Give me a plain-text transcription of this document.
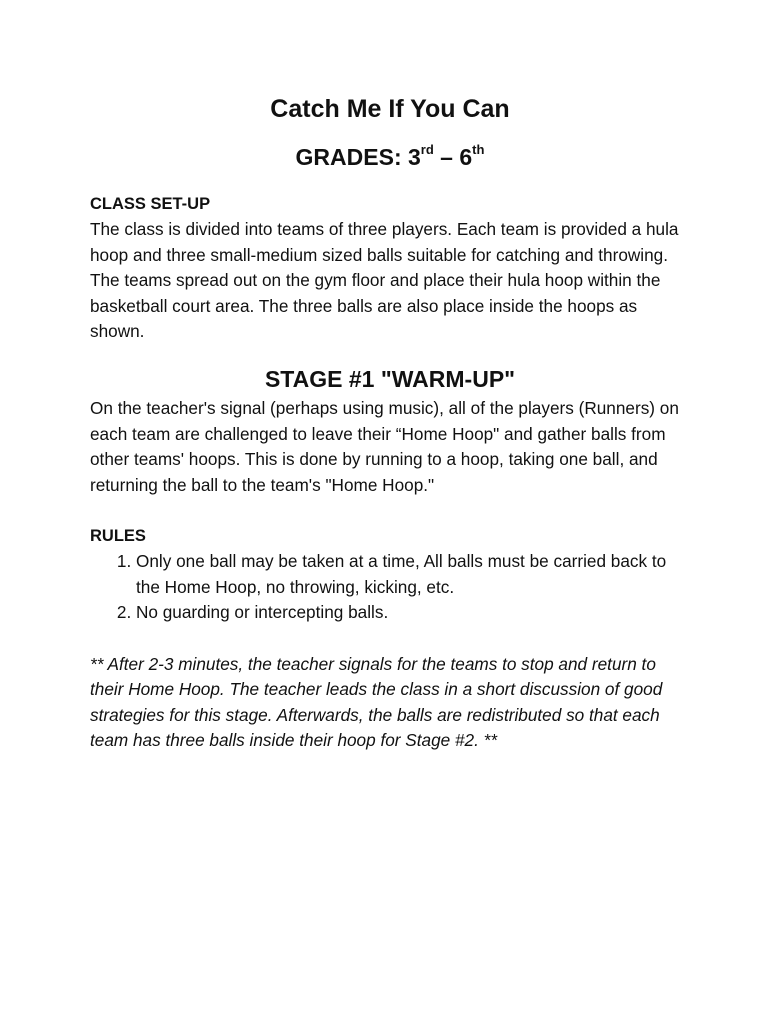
Catch Me If You Can
GRADES: 3rd – 6th

CLASS SET-UP

The class is divided into teams of three players. Each team is provided a hula hoop and three small-medium sized balls suitable for catching and throwing. The teams spread out on the gym floor and place their hula hoop within the basketball court area. The three balls are also place inside the hoops as shown.

STAGE #1 "WARM-UP"

On the teacher's signal (perhaps using music), all of the players (Runners) on each team are challenged to leave their “Home Hoop" and gather balls from other teams' hoops. This is done by running to a hoop, taking one ball, and returning the ball to the team's "Home Hoop."

RULES

1. Only one ball may be taken at a time, All balls must be carried back to the Home Hoop, no throwing, kicking, etc.
2. No guarding or intercepting balls.

** After 2-3 minutes, the teacher signals for the teams to stop and return to their Home Hoop. The teacher leads the class in a short discussion of good strategies for this stage. Afterwards, the balls are redistributed so that each team has three balls inside their hoop for Stage #2. **
